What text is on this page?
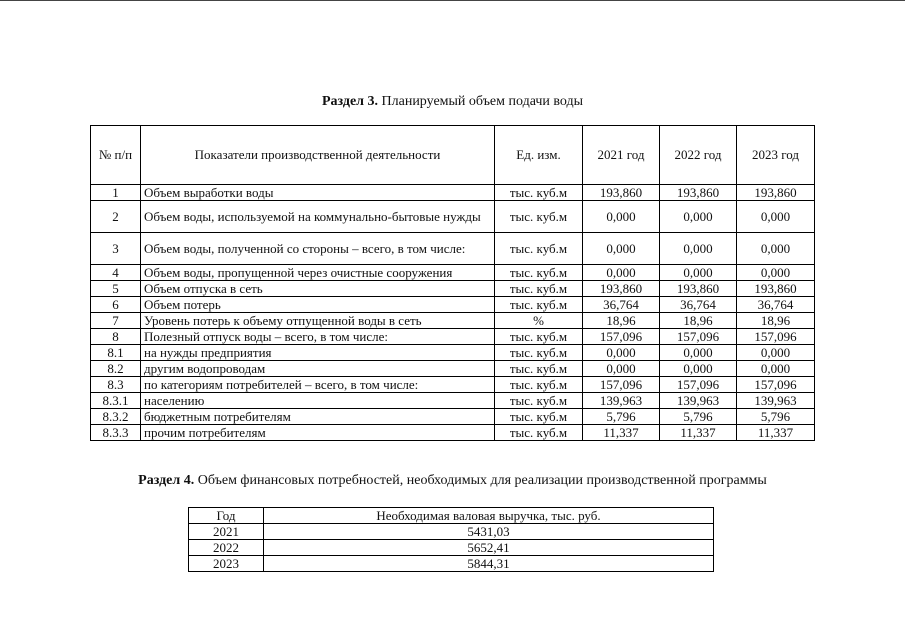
Раздел 3. Планируемый объем подачи воды
№ п/п	Показатели производственной деятельности	Ед. изм.	2021 год	2022 год	2023 год
1	Объем выработки воды	тыс. куб.м	193,860	193,860	193,860
2	Объем воды, используемой на коммунально-бытовые нужды	тыс. куб.м	0,000	0,000	0,000
3	Объем воды, полученной со стороны – всего, в том числе:	тыс. куб.м	0,000	0,000	0,000
4	Объем воды, пропущенной через очистные сооружения	тыс. куб.м	0,000	0,000	0,000
5	Объем отпуска в сеть	тыс. куб.м	193,860	193,860	193,860
6	Объем потерь	тыс. куб.м	36,764	36,764	36,764
7	Уровень потерь к объему отпущенной воды в сеть	%	18,96	18,96	18,96
8	Полезный отпуск воды – всего, в том числе:	тыс. куб.м	157,096	157,096	157,096
8.1	на нужды предприятия	тыс. куб.м	0,000	0,000	0,000
8.2	другим водопроводам	тыс. куб.м	0,000	0,000	0,000
8.3	по категориям потребителей – всего, в том числе:	тыс. куб.м	157,096	157,096	157,096
8.3.1	населению	тыс. куб.м	139,963	139,963	139,963
8.3.2	бюджетным потребителям	тыс. куб.м	5,796	5,796	5,796
8.3.3	прочим потребителям	тыс. куб.м	11,337	11,337	11,337
Раздел 4. Объем финансовых потребностей, необходимых для реализации производственной программы
Год	Необходимая валовая выручка, тыс. руб.
2021	5431,03
2022	5652,41
2023	5844,31
